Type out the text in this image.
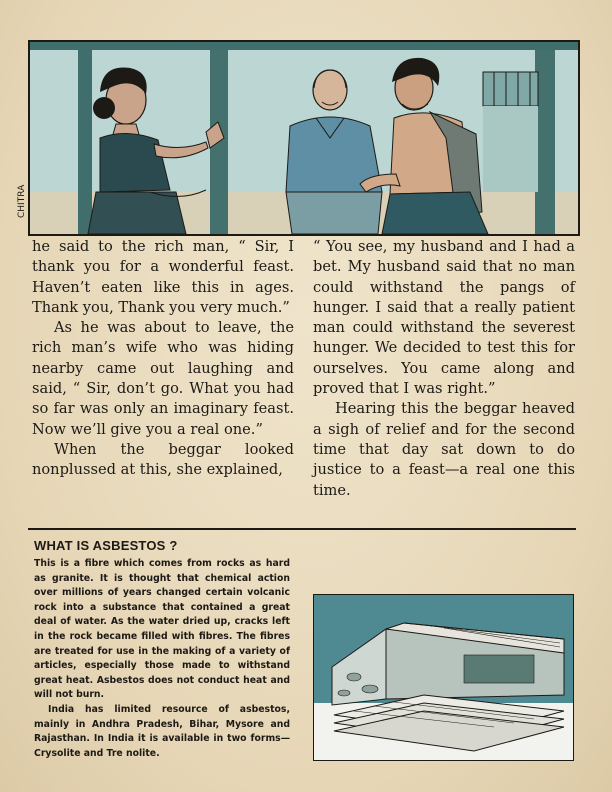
CHITRA

he said to the rich man, “ Sir, I thank you for a wonderful feast. Haven’t eaten like this in ages. Thank you, Thank you very much.”

As he was about to leave, the rich man’s wife who was hiding nearby came out laughing and said, “ Sir, don’t go. What you had so far was only an imaginary feast. Now we’ll give you a real one.”

When the beggar looked nonplussed at this, she explained,

“ You see, my husband and I had a bet. My husband said that no man could withstand the pangs of hunger. I said that a really patient man could withstand the severest hunger. We decided to test this for ourselves. You came along and proved that I was right.”

Hearing this the beggar heaved a sigh of relief and for the second time that day sat down to do justice to a feast—a real one this time.

WHAT IS ASBESTOS ?

This is a fibre which comes from rocks as hard as granite. It is thought that chemical action over millions of years changed certain volcanic rock into a substance that contained a great deal of water. As the water dried up, cracks left in the rock became filled with fibres. The fibres are treated for use in the making of a variety of articles, especially those made to withstand great heat. Asbestos does not conduct heat and will not burn.

India has limited resource of asbestos, mainly in Andhra Pradesh, Bihar, Mysore and Rajasthan. In India it is available in two forms—Crysolite and Tre nolite.
